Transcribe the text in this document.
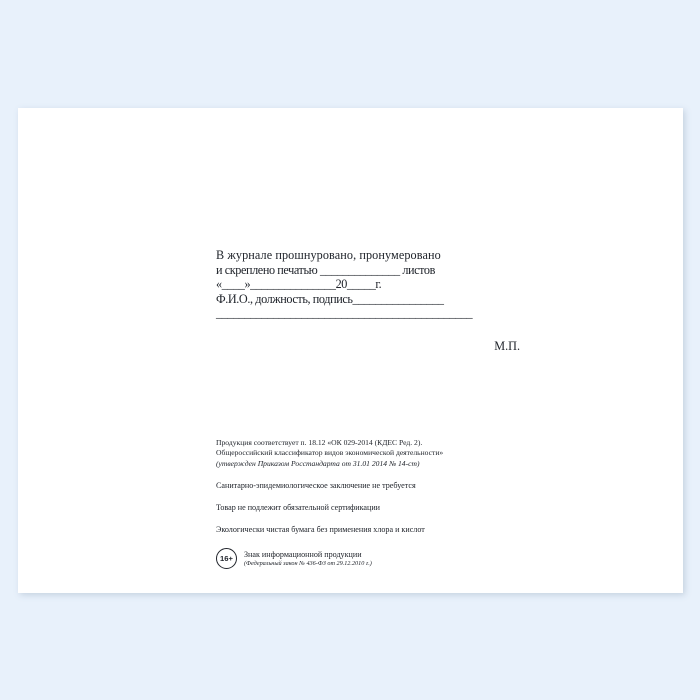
В журнале прошнуровано, пронумеровано
и скреплено печатью ______________ листов
«____»_______________20_____г.
Ф.И.О., должность, подпись________________
_____________________________________________
М.П.
Продукция соответствует п. 18.12 «ОК 029-2014 (КДЕС Ред. 2).
Общероссийский классификатор видов экономической деятельности»
(утвержден Приказом Росстандарта от 31.01 2014 № 14-ст)
Санитарно-эпидемиологическое заключение не требуется
Товар не подлежит обязательной сертификации
Экологически чистая бумага без применения хлора и кислот
16+
Знак информационной продукции
(Федеральный закон № 436-ФЗ от 29.12.2010 г.)
